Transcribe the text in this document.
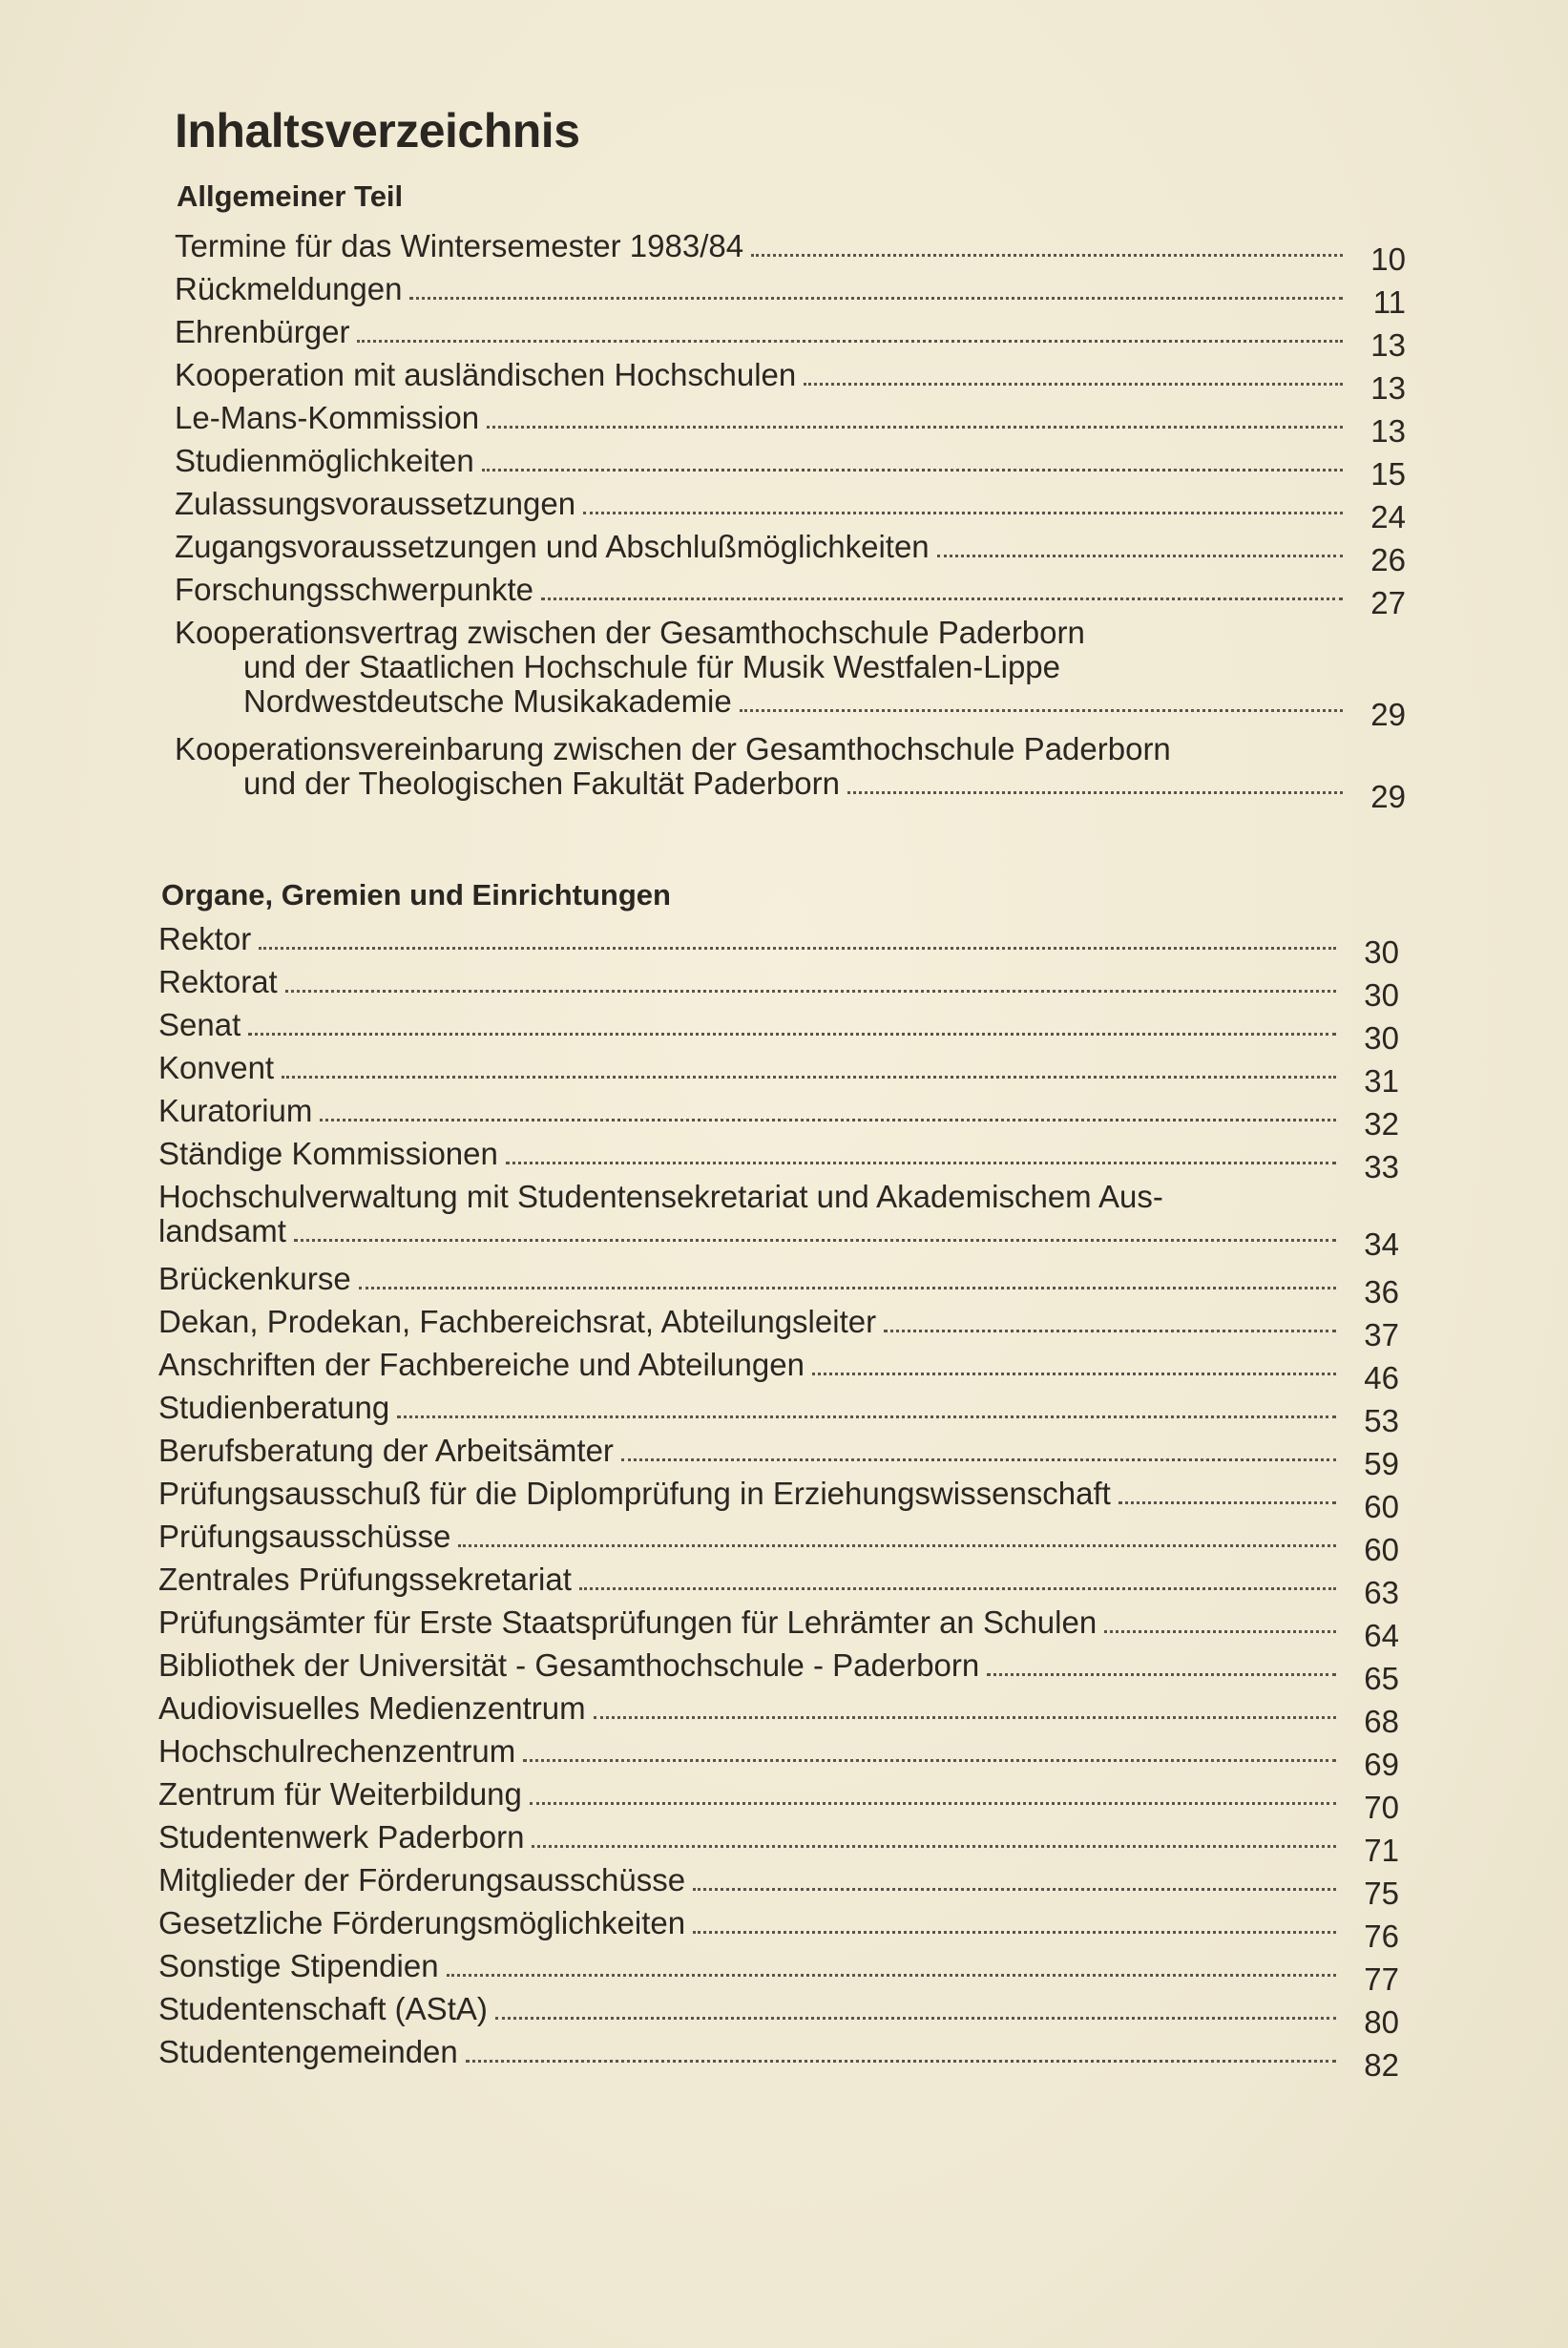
Inhaltsverzeichnis
Allgemeiner Teil
Termine für das Wintersemester 1983/84	10
Rückmeldungen	11
Ehrenbürger	13
Kooperation mit ausländischen Hochschulen	13
Le-Mans-Kommission	13
Studienmöglichkeiten	15
Zulassungsvoraussetzungen	24
Zugangsvoraussetzungen und Abschlußmöglichkeiten	26
Forschungsschwerpunkte	27
Kooperationsvertrag zwischen der Gesamthochschule Paderborn
und der Staatlichen Hochschule für Musik Westfalen-Lippe
Nordwestdeutsche Musikakademie	29
Kooperationsvereinbarung zwischen der Gesamthochschule Paderborn
und der Theologischen Fakultät Paderborn	29
Organe, Gremien und Einrichtungen
Rektor	30
Rektorat	30
Senat	30
Konvent	31
Kuratorium	32
Ständige Kommissionen	33
Hochschulverwaltung mit Studentensekretariat und Akademischem Aus-
landsamt	34
Brückenkurse	36
Dekan, Prodekan, Fachbereichsrat, Abteilungsleiter	37
Anschriften der Fachbereiche und Abteilungen	46
Studienberatung	53
Berufsberatung der Arbeitsämter	59
Prüfungsausschuß für die Diplomprüfung in Erziehungswissenschaft	60
Prüfungsausschüsse	60
Zentrales Prüfungssekretariat	63
Prüfungsämter für Erste Staatsprüfungen für Lehrämter an Schulen	64
Bibliothek der Universität - Gesamthochschule - Paderborn	65
Audiovisuelles Medienzentrum	68
Hochschulrechenzentrum	69
Zentrum für Weiterbildung	70
Studentenwerk Paderborn	71
Mitglieder der Förderungsausschüsse	75
Gesetzliche Förderungsmöglichkeiten	76
Sonstige Stipendien	77
Studentenschaft (AStA)	80
Studentengemeinden	82
